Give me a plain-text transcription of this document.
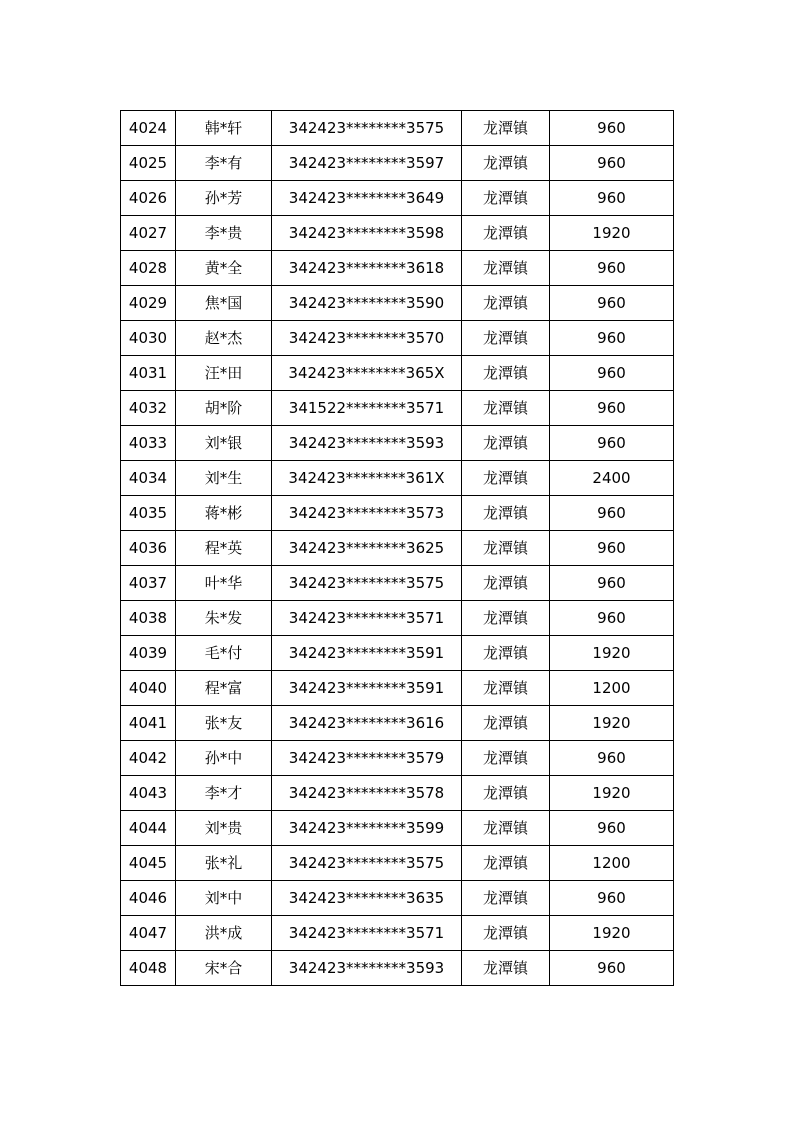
4024	韩*轩	342423********3575	龙潭镇	960
4025	李*有	342423********3597	龙潭镇	960
4026	孙*芳	342423********3649	龙潭镇	960
4027	李*贵	342423********3598	龙潭镇	1920
4028	黄*全	342423********3618	龙潭镇	960
4029	焦*国	342423********3590	龙潭镇	960
4030	赵*杰	342423********3570	龙潭镇	960
4031	汪*田	342423********365X	龙潭镇	960
4032	胡*阶	341522********3571	龙潭镇	960
4033	刘*银	342423********3593	龙潭镇	960
4034	刘*生	342423********361X	龙潭镇	2400
4035	蒋*彬	342423********3573	龙潭镇	960
4036	程*英	342423********3625	龙潭镇	960
4037	叶*华	342423********3575	龙潭镇	960
4038	朱*发	342423********3571	龙潭镇	960
4039	毛*付	342423********3591	龙潭镇	1920
4040	程*富	342423********3591	龙潭镇	1200
4041	张*友	342423********3616	龙潭镇	1920
4042	孙*中	342423********3579	龙潭镇	960
4043	李*才	342423********3578	龙潭镇	1920
4044	刘*贵	342423********3599	龙潭镇	960
4045	张*礼	342423********3575	龙潭镇	1200
4046	刘*中	342423********3635	龙潭镇	960
4047	洪*成	342423********3571	龙潭镇	1920
4048	宋*合	342423********3593	龙潭镇	960
